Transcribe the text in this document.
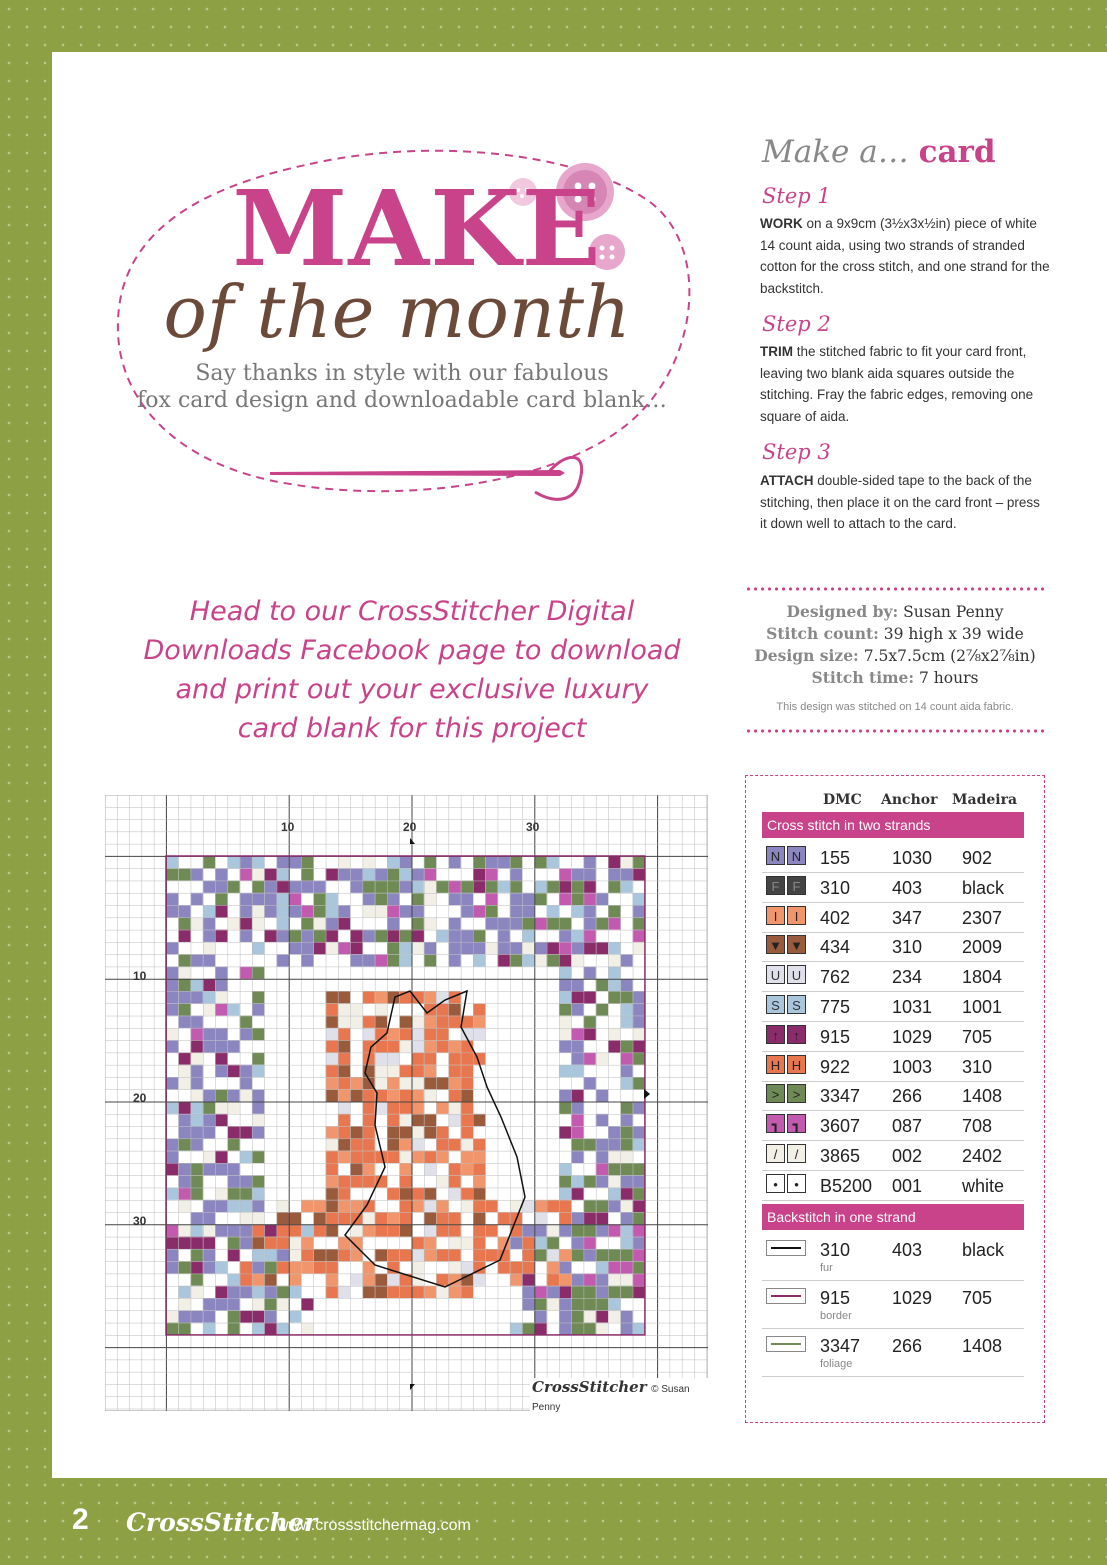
MAKE
of the month
Say thanks in style with our fabulous
fox card design and downloadable card blank…
Head to our CrossStitcher Digital
Downloads Facebook page to download
and print out your exclusive luxury
card blank for this project
Make a… card
Step 1
WORK on a 9x9cm (3½x3x½in) piece of white 14 count aida, using two strands of stranded cotton for the cross stitch, and one strand for the backstitch.
Step 2
TRIM the stitched fabric to fit your card front, leaving two blank aida squares outside the stitching. Fray the fabric edges, removing one square of aida.
Step 3
ATTACH double-sided tape to the back of the stitching, then place it on the card front – press it down well to attach to the card.
Designed by: Susan Penny
Stitch count: 39 high x 39 wide
Design size: 7.5x7.5cm (2⅞x2⅞in)
Stitch time: 7 hours
This design was stitched on 14 count aida fabric.
10	20	30
10
20
30
CrossStitcher © Susan Penny
DMC Anchor Madeira
Cross stitch in two strands
N N 155 1030 902
F	F	310 403 black
I	I	402 347 2307
▼ ▼ 434 310 2009
U U 762 234 1804
S S 775 1031 1001
↑	↑	915 1029 705
H H 922 1003 310
>	>	3347 266 1408
┓	┓	3607 087 708
/	/	3865 002 2402
•	•	B5200 001 white
Backstitch in one strand
310 403 black
fur
915 1029 705
border
3347 266 1408
foliage
2 CrossStitcher
www.crossstitchermag.com
